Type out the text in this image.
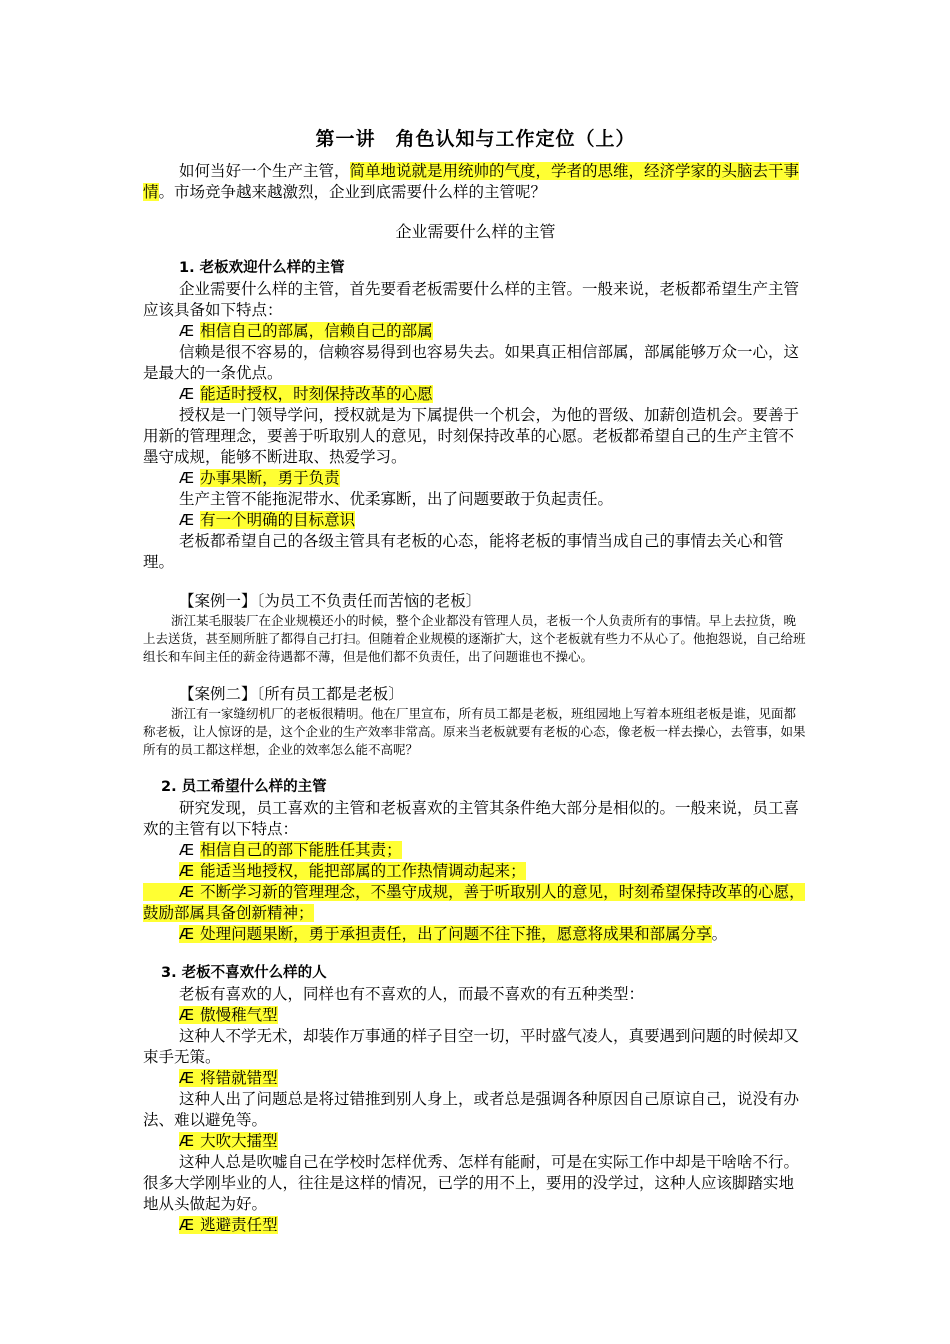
第一讲　角色认知与工作定位（上）

如何当好一个生产主管，简单地说就是用统帅的气度，学者的思维，经济学家的头脑去干事情。市场竞争越来越激烈，企业到底需要什么样的主管呢？

企业需要什么样的主管
1. 老板欢迎什么样的主管

企业需要什么样的主管，首先要看老板需要什么样的主管。一般来说，老板都希望生产主管应该具备如下特点：

Æ 相信自己的部属，信赖自己的部属

信赖是很不容易的，信赖容易得到也容易失去。如果真正相信部属，部属能够万众一心，这是最大的一条优点。

Æ 能适时授权，时刻保持改革的心愿

授权是一门领导学问，授权就是为下属提供一个机会，为他的晋级、加薪创造机会。要善于用新的管理理念，要善于听取别人的意见，时刻保持改革的心愿。老板都希望自己的生产主管不墨守成规，能够不断进取、热爱学习。

Æ 办事果断，勇于负责

生产主管不能拖泥带水、优柔寡断，出了问题要敢于负起责任。

Æ 有一个明确的目标意识

老板都希望自己的各级主管具有老板的心态，能将老板的事情当成自己的事情去关心和管理。

【案例一】〔为员工不负责任而苦恼的老板〕

浙江某毛服装厂在企业规模还小的时候，整个企业都没有管理人员，老板一个人负责所有的事情。早上去拉货，晚上去送货，甚至厕所脏了都得自己打扫。但随着企业规模的逐渐扩大，这个老板就有些力不从心了。他抱怨说，自己给班组长和车间主任的薪金待遇都不薄，但是他们都不负责任，出了问题谁也不操心。

【案例二】〔所有员工都是老板〕

浙江有一家缝纫机厂的老板很精明。他在厂里宣布，所有员工都是老板，班组园地上写着本班组老板是谁，见面都称老板，让人惊讶的是，这个企业的生产效率非常高。原来当老板就要有老板的心态，像老板一样去操心，去管事，如果所有的员工都这样想，企业的效率怎么能不高呢？

2. 员工希望什么样的主管

研究发现，员工喜欢的主管和老板喜欢的主管其条件绝大部分是相似的。一般来说，员工喜欢的主管有以下特点：

Æ 相信自己的部下能胜任其责；

Æ 能适当地授权，能把部属的工作热情调动起来；

Æ 不断学习新的管理理念，不墨守成规，善于听取别人的意见，时刻希望保持改革的心愿，鼓励部属具备创新精神；

Æ 处理问题果断，勇于承担责任，出了问题不往下推，愿意将成果和部属分享。

3. 老板不喜欢什么样的人

老板有喜欢的人，同样也有不喜欢的人，而最不喜欢的有五种类型：

Æ 傲慢稚气型

这种人不学无术，却装作万事通的样子目空一切，平时盛气凌人，真要遇到问题的时候却又束手无策。

Æ 将错就错型

这种人出了问题总是将过错推到别人身上，或者总是强调各种原因自己原谅自己，说没有办法、难以避免等。

Æ 大吹大擂型

这种人总是吹嘘自己在学校时怎样优秀、怎样有能耐，可是在实际工作中却是干啥啥不行。很多大学刚毕业的人，往往是这样的情况，已学的用不上，要用的没学过，这种人应该脚踏实地地从头做起为好。

Æ 逃避责任型
